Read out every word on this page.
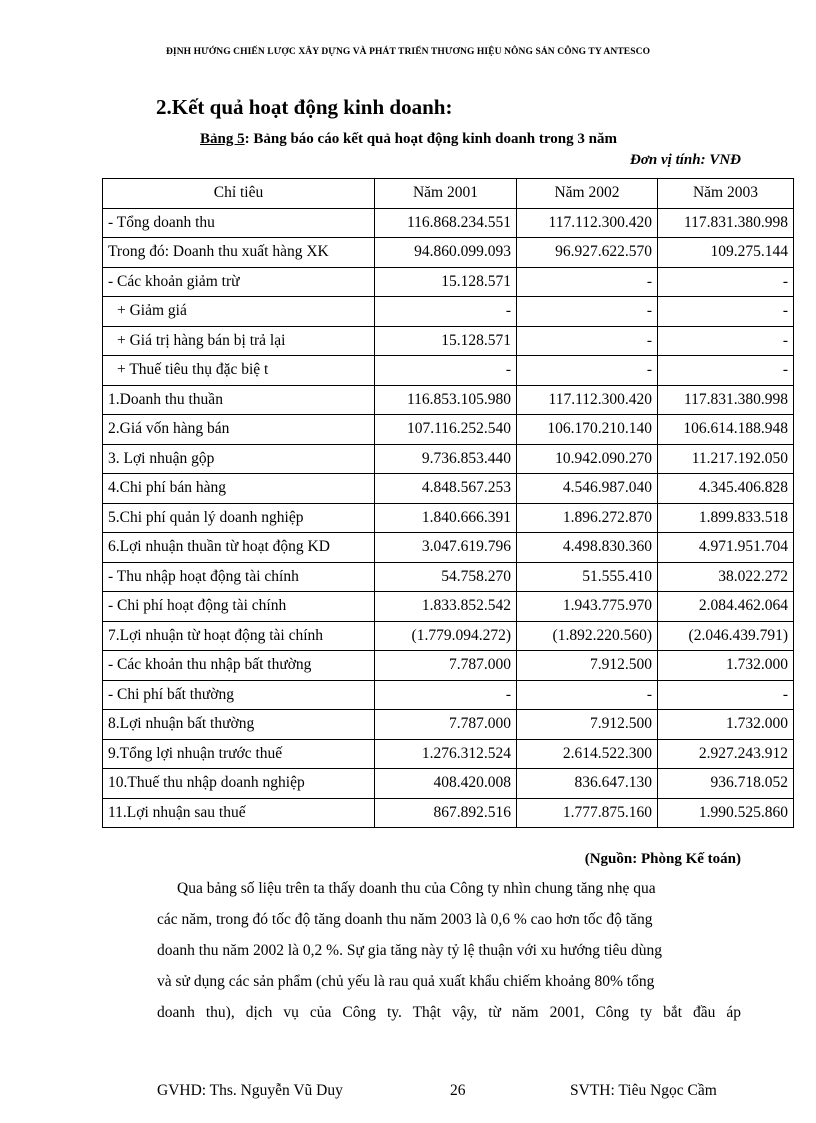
ĐỊNH HƯỚNG CHIẾN LƯỢC XÂY DỰNG VÀ PHÁT TRIỂN THƯƠNG HIỆU NÔNG SẢN CÔNG TY ANTESCO
2.Kết quả hoạt động kinh doanh:
Bảng 5: Bảng báo cáo kết quả hoạt động kinh doanh trong 3 năm
Đơn vị tính: VNĐ
Chỉ tiêu	Năm 2001	Năm 2002	Năm 2003
- Tổng doanh thu	116.868.234.551	117.112.300.420	117.831.380.998
Trong đó: Doanh thu xuất hàng XK	94.860.099.093	96.927.622.570	109.275.144
- Các khoản giảm trừ	15.128.571	-	-
+ Giảm giá	-	-	-
+ Giá trị hàng bán bị trả lại	15.128.571	-	-
+ Thuế tiêu thụ đặc biệ t	-	-	-
1.Doanh thu thuần	116.853.105.980	117.112.300.420	117.831.380.998
2.Giá vốn hàng bán	107.116.252.540	106.170.210.140	106.614.188.948
3. Lợi nhuận gộp	9.736.853.440	10.942.090.270	11.217.192.050
4.Chi phí bán hàng	4.848.567.253	4.546.987.040	4.345.406.828
5.Chi phí quản lý doanh nghiệp	1.840.666.391	1.896.272.870	1.899.833.518
6.Lợi nhuận thuần từ hoạt động KD	3.047.619.796	4.498.830.360	4.971.951.704
- Thu nhập hoạt động tài chính	54.758.270	51.555.410	38.022.272
- Chi phí hoạt động tài chính	1.833.852.542	1.943.775.970	2.084.462.064
7.Lợi nhuận từ hoạt động tài chính	(1.779.094.272)	(1.892.220.560)	(2.046.439.791)
- Các khoản thu nhập bất thường	7.787.000	7.912.500	1.732.000
- Chi phí bất thường	-	-	-
8.Lợi nhuận bất thường	7.787.000	7.912.500	1.732.000
9.Tổng lợi nhuận trước thuế	1.276.312.524	2.614.522.300	2.927.243.912
10.Thuế thu nhập doanh nghiệp	408.420.008	836.647.130	936.718.052
11.Lợi nhuận sau thuế	867.892.516	1.777.875.160	1.990.525.860
(Nguồn: Phòng Kế toán)
Qua bảng số liệu trên ta thấy doanh thu của Công ty nhìn chung tăng nhẹ qua
các năm, trong đó tốc độ tăng doanh thu năm 2003 là 0,6 % cao hơn tốc độ tăng
doanh thu năm 2002 là 0,2 %. Sự gia tăng này tỷ lệ thuận với xu hướng tiêu dùng
và sử dụng các sản phẩm (chủ yếu là rau quả xuất khẩu chiếm khoảng 80% tổng
doanh thu), dịch vụ của Công ty. Thật vậy, từ năm 2001, Công ty bắt đầu áp
GVHD: Ths. Nguyễn Vũ Duy	26	SVTH: Tiêu Ngọc Cầm
